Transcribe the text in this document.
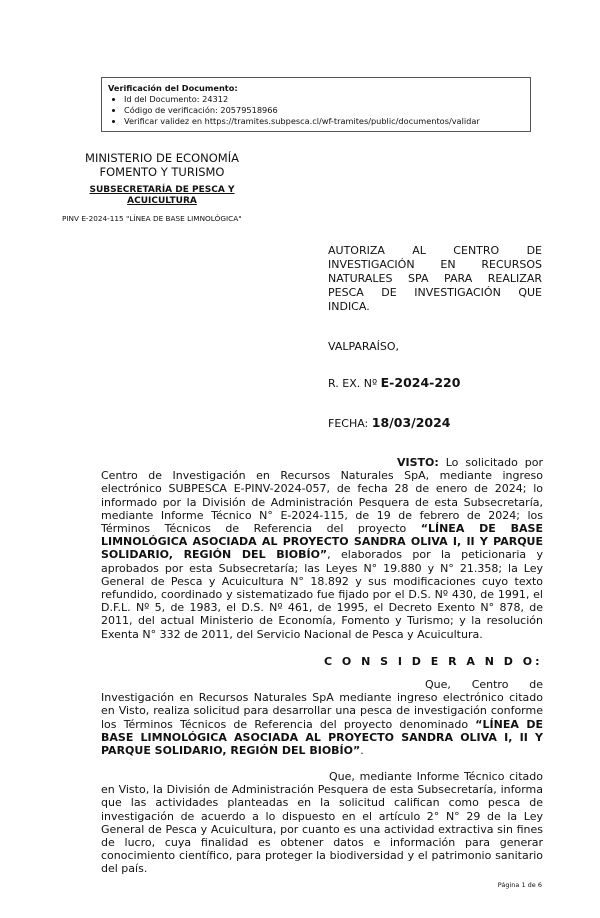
Verificación del Documento:
• Id del Documento: 24312
• Código de verificación: 20579518966
• Verificar validez en https://tramites.subpesca.cl/wf-tramites/public/documentos/validar
MINISTERIO DE ECONOMÍA
FOMENTO Y TURISMO
SUBSECRETARÍA DE PESCA Y
ACUICULTURA
PINV E-2024-115 "LÍNEA DE BASE LIMNOLÓGICA"
AUTORIZA AL CENTRO DE
INVESTIGACIÓN EN RECURSOS
NATURALES SPA PARA REALIZAR
PESCA DE INVESTIGACIÓN QUE
INDICA.
VALPARAÍSO,
R. EX. Nº E-2024-220
FECHA: 18/03/2024
VISTO: Lo solicitado por Centro de Investigación en Recursos Naturales SpA, mediante ingreso electrónico SUBPESCA E-PINV-2024-057, de fecha 28 de enero de 2024; lo informado por la División de Administración Pesquera de esta Subsecretaría, mediante Informe Técnico N° E-2024-115, de 19 de febrero de 2024; los Términos Técnicos de Referencia del proyecto “LÍNEA DE BASE LIMNOLÓGICA ASOCIADA AL PROYECTO SANDRA OLIVA I, II Y PARQUE SOLIDARIO, REGIÓN DEL BIOBÍO”, elaborados por la peticionaria y aprobados por esta Subsecretaría; las Leyes N° 19.880 y N° 21.358; la Ley General de Pesca y Acuicultura N° 18.892 y sus modificaciones cuyo texto refundido, coordinado y sistematizado fue fijado por el D.S. Nº 430, de 1991, el D.F.L. Nº 5, de 1983, el D.S. Nº 461, de 1995, el Decreto Exento N° 878, de 2011, del actual Ministerio de Economía, Fomento y Turismo; y la resolución Exenta N° 332 de 2011, del Servicio Nacional de Pesca y Acuicultura.
C O N S I D E R A N D O:
Que, Centro de Investigación en Recursos Naturales SpA mediante ingreso electrónico citado en Visto, realiza solicitud para desarrollar una pesca de investigación conforme los Términos Técnicos de Referencia del proyecto denominado “LÍNEA DE BASE LIMNOLÓGICA ASOCIADA AL PROYECTO SANDRA OLIVA I, II Y PARQUE SOLIDARIO, REGIÓN DEL BIOBÍO”.
Que, mediante Informe Técnico citado en Visto, la División de Administración Pesquera de esta Subsecretaría, informa que las actividades planteadas en la solicitud califican como pesca de investigación de acuerdo a lo dispuesto en el artículo 2° N° 29 de la Ley General de Pesca y Acuicultura, por cuanto es una actividad extractiva sin fines de lucro, cuya finalidad es obtener datos e información para generar conocimiento científico, para proteger la biodiversidad y el patrimonio sanitario del país.
Página 1 de 6
